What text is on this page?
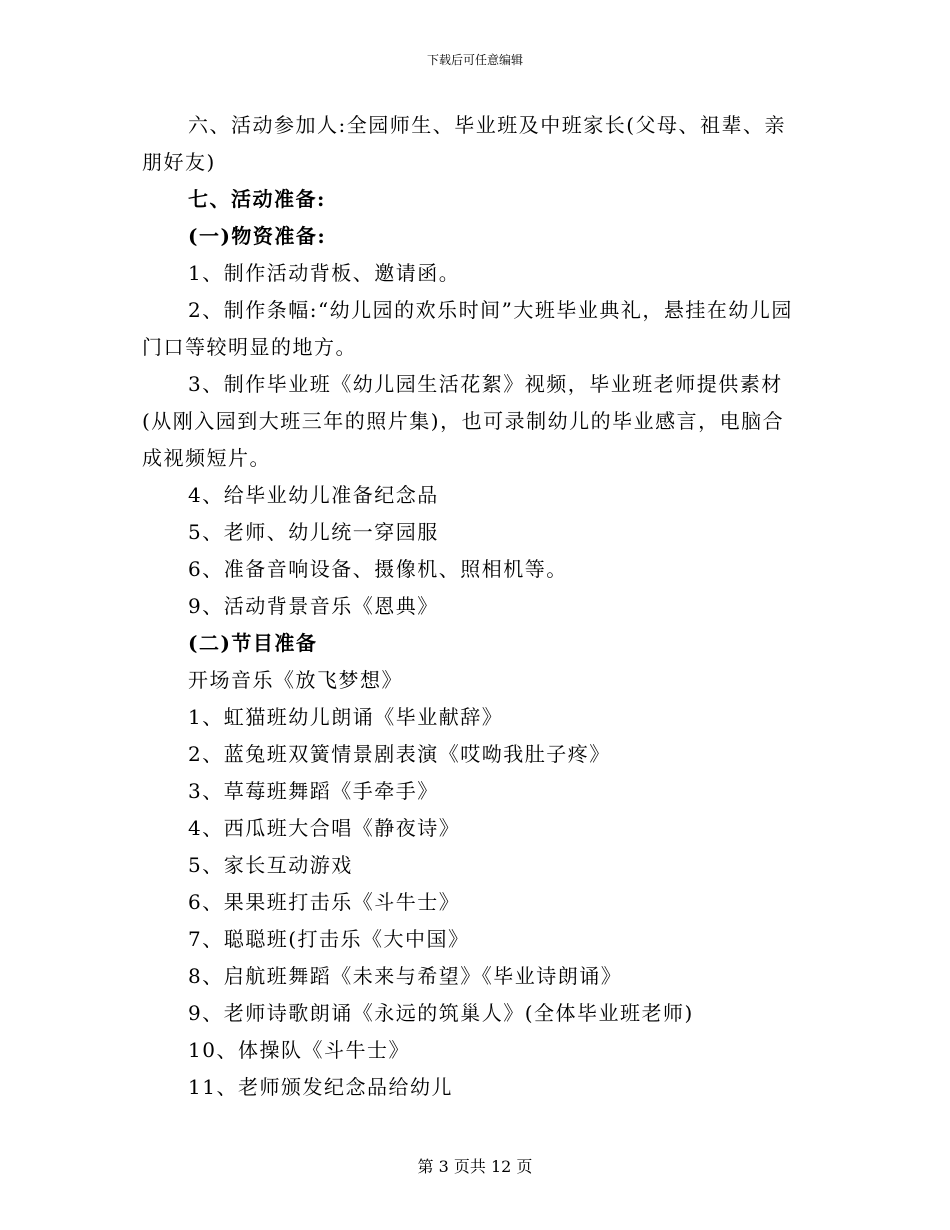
下载后可任意编辑

六、活动参加人:全园师生、毕业班及中班家长(父母、祖辈、亲朋好友)

七、活动准备:

(一)物资准备:

1、制作活动背板、邀请函。

2、制作条幅:“幼儿园的欢乐时间”大班毕业典礼，悬挂在幼儿园门口等较明显的地方。

3、制作毕业班《幼儿园生活花絮》视频，毕业班老师提供素材(从刚入园到大班三年的照片集)，也可录制幼儿的毕业感言，电脑合成视频短片。

4、给毕业幼儿准备纪念品

5、老师、幼儿统一穿园服

6、准备音响设备、摄像机、照相机等。

9、活动背景音乐《恩典》

(二)节目准备

开场音乐《放飞梦想》

1、虹猫班幼儿朗诵《毕业献辞》

2、蓝兔班双簧情景剧表演《哎呦我肚子疼》

3、草莓班舞蹈《手牵手》

4、西瓜班大合唱《静夜诗》

5、家长互动游戏

6、果果班打击乐《斗牛士》

7、聪聪班(打击乐《大中国》

8、启航班舞蹈《未来与希望》《毕业诗朗诵》

9、老师诗歌朗诵《永远的筑巢人》(全体毕业班老师)

10、体操队《斗牛士》

11、老师颁发纪念品给幼儿

第 3 页共 12 页
